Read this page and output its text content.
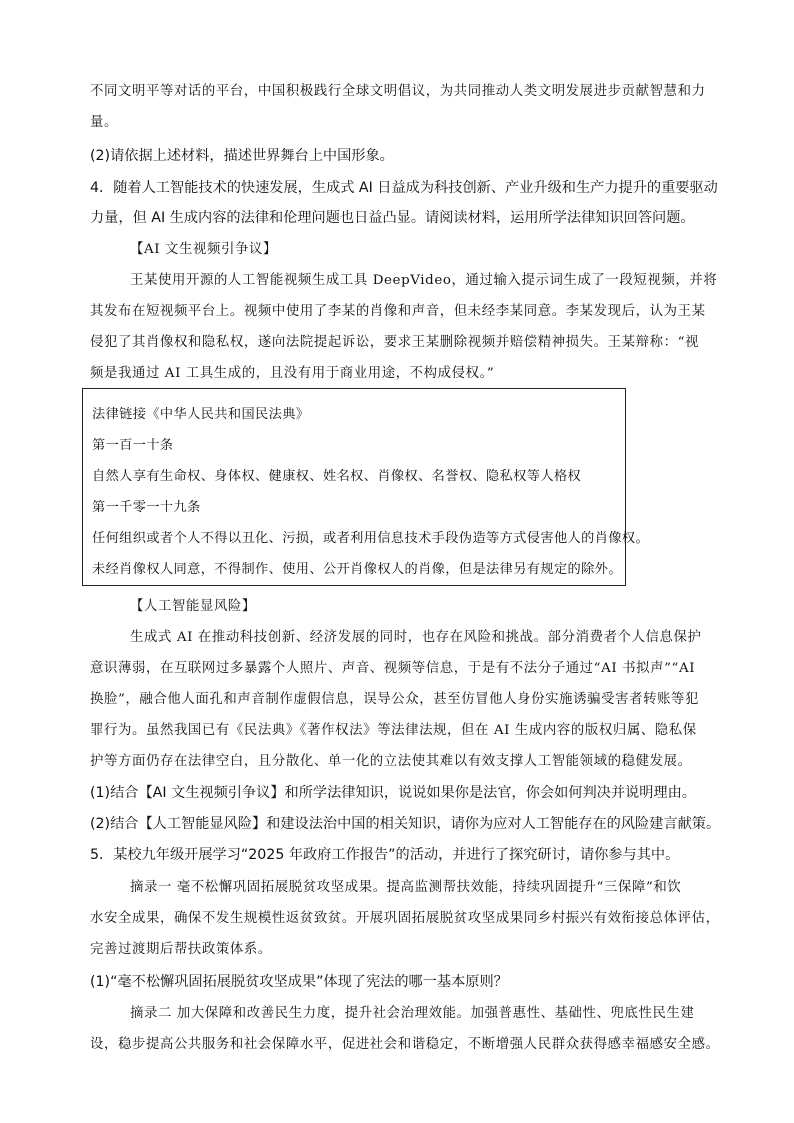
不同文明平等对话的平台，中国积极践行全球文明倡议，为共同推动人类文明发展进步贡献智慧和力
量。
(2)请依据上述材料，描述世界舞台上中国形象。
4．随着人工智能技术的快速发展，生成式 AI 日益成为科技创新、产业升级和生产力提升的重要驱动
力量，但 AI 生成内容的法律和伦理问题也日益凸显。请阅读材料，运用所学法律知识回答问题。
【AI 文生视频引争议】
王某使用开源的人工智能视频生成工具 DeepVideo，通过输入提示词生成了一段短视频，并将
其发布在短视频平台上。视频中使用了李某的肖像和声音，但未经李某同意。李某发现后，认为王某
侵犯了其肖像权和隐私权，遂向法院提起诉讼，要求王某删除视频并赔偿精神损失。王某辩称：“视
频是我通过 AI 工具生成的，且没有用于商业用途，不构成侵权。”
法律链接《中华人民共和国民法典》
第一百一十条
自然人享有生命权、身体权、健康权、姓名权、肖像权、名誉权、隐私权等人格权
第一千零一十九条
任何组织或者个人不得以丑化、污损，或者利用信息技术手段伪造等方式侵害他人的肖像权。
未经肖像权人同意，不得制作、使用、公开肖像权人的肖像，但是法律另有规定的除外。
【人工智能显风险】
生成式 AI 在推动科技创新、经济发展的同时，也存在风险和挑战。部分消费者个人信息保护
意识薄弱，在互联网过多暴露个人照片、声音、视频等信息，于是有不法分子通过“AI 书拟声”“AI
换脸”，融合他人面孔和声音制作虚假信息，误导公众，甚至仿冒他人身份实施诱骗受害者转账等犯
罪行为。虽然我国已有《民法典》《著作权法》等法律法规，但在 AI 生成内容的版权归属、隐私保
护等方面仍存在法律空白，且分散化、单一化的立法使其难以有效支撑人工智能领域的稳健发展。
(1)结合【AI 文生视频引争议】和所学法律知识，说说如果你是法官，你会如何判决并说明理由。
(2)结合【人工智能显风险】和建设法治中国的相关知识，请你为应对人工智能存在的风险建言献策。
5．某校九年级开展学习“2025 年政府工作报告”的活动，并进行了探究研讨，请你参与其中。
摘录一 毫不松懈巩固拓展脱贫攻坚成果。提高监测帮扶效能，持续巩固提升“三保障”和饮
水安全成果，确保不发生规模性返贫致贫。开展巩固拓展脱贫攻坚成果同乡村振兴有效衔接总体评估，
完善过渡期后帮扶政策体系。
(1)“毫不松懈巩固拓展脱贫攻坚成果”体现了宪法的哪一基本原则？
摘录二 加大保障和改善民生力度，提升社会治理效能。加强普惠性、基础性、兜底性民生建
设，稳步提高公共服务和社会保障水平，促进社会和谐稳定，不断增强人民群众获得感幸福感安全感。
